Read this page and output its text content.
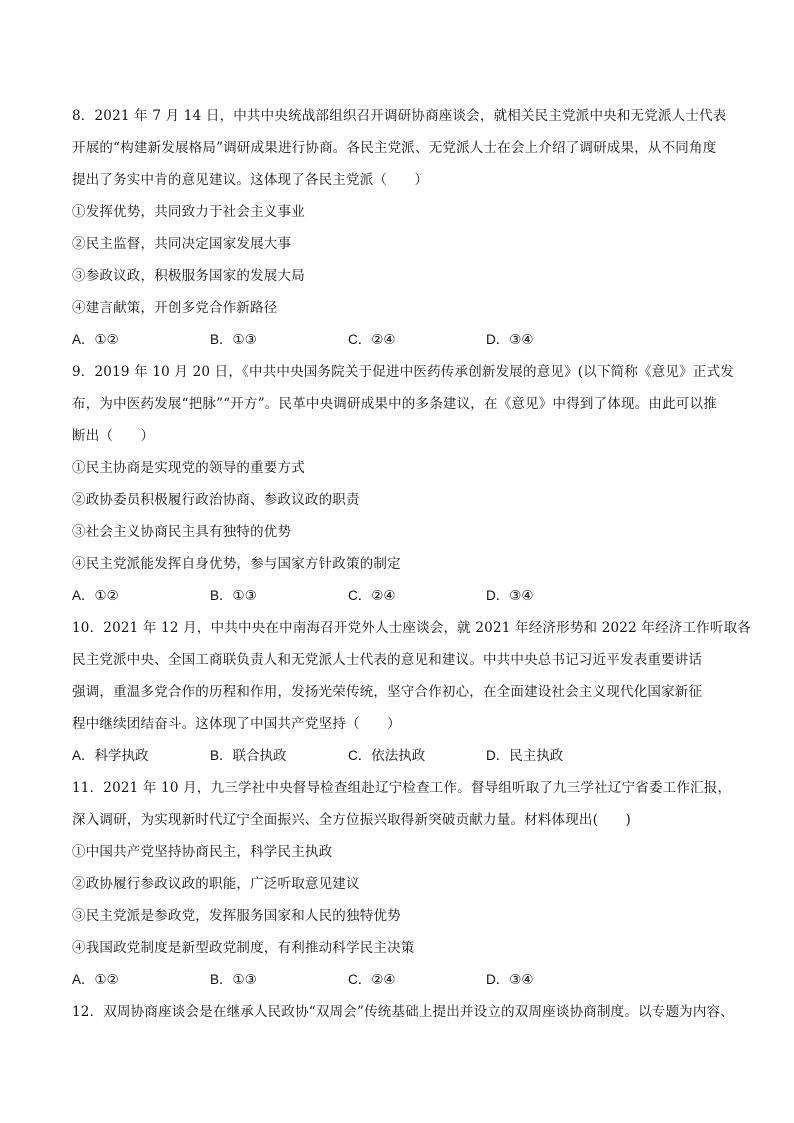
8．2021 年 7 月 14 日，中共中央统战部组织召开调研协商座谈会，就相关民主党派中央和无党派人士代表
开展的“构建新发展格局”调研成果进行协商。各民主党派、无党派人士在会上介绍了调研成果，从不同角度
提出了务实中肯的意见建议。这体现了各民主党派（　　）
①发挥优势，共同致力于社会主义事业
②民主监督，共同决定国家发展大事
③参政议政，积极服务国家的发展大局
④建言献策，开创多党合作新路径
A．①②	B．①③	C．②④	D．③④
9．2019 年 10 月 20 日，《中共中央国务院关于促进中医药传承创新发展的意见》(以下简称《意见》正式发
布，为中医药发展“把脉”“开方”。民革中央调研成果中的多条建议，在《意见》中得到了体现。由此可以推
断出（　　）
①民主协商是实现党的领导的重要方式
②政协委员积极履行政治协商、参政议政的职责
③社会主义协商民主具有独特的优势
④民主党派能发挥自身优势，参与国家方针政策的制定
A．①②	B．①③	C．②④	D．③④
10．2021 年 12 月，中共中央在中南海召开党外人士座谈会，就 2021 年经济形势和 2022 年经济工作听取各
民主党派中央、全国工商联负责人和无党派人士代表的意见和建议。中共中央总书记习近平发表重要讲话
强调，重温多党合作的历程和作用，发扬光荣传统，坚守合作初心，在全面建设社会主义现代化国家新征
程中继续团结奋斗。这体现了中国共产党坚持（　　）
A．科学执政	B．联合执政	C．依法执政	D．民主执政
11．2021 年 10 月，九三学社中央督导检查组赴辽宁检查工作。督导组听取了九三学社辽宁省委工作汇报，
深入调研，为实现新时代辽宁全面振兴、全方位振兴取得新突破贡献力量。材料体现出(　　)
①中国共产党坚持协商民主，科学民主执政
②政协履行参政议政的职能，广泛听取意见建议
③民主党派是参政党，发挥服务国家和人民的独特优势
④我国政党制度是新型政党制度，有利推动科学民主决策
A．①②	B．①③	C．②④	D．③④
12．双周协商座谈会是在继承人民政协“双周会”传统基础上提出并设立的双周座谈协商制度。以专题为内容、
